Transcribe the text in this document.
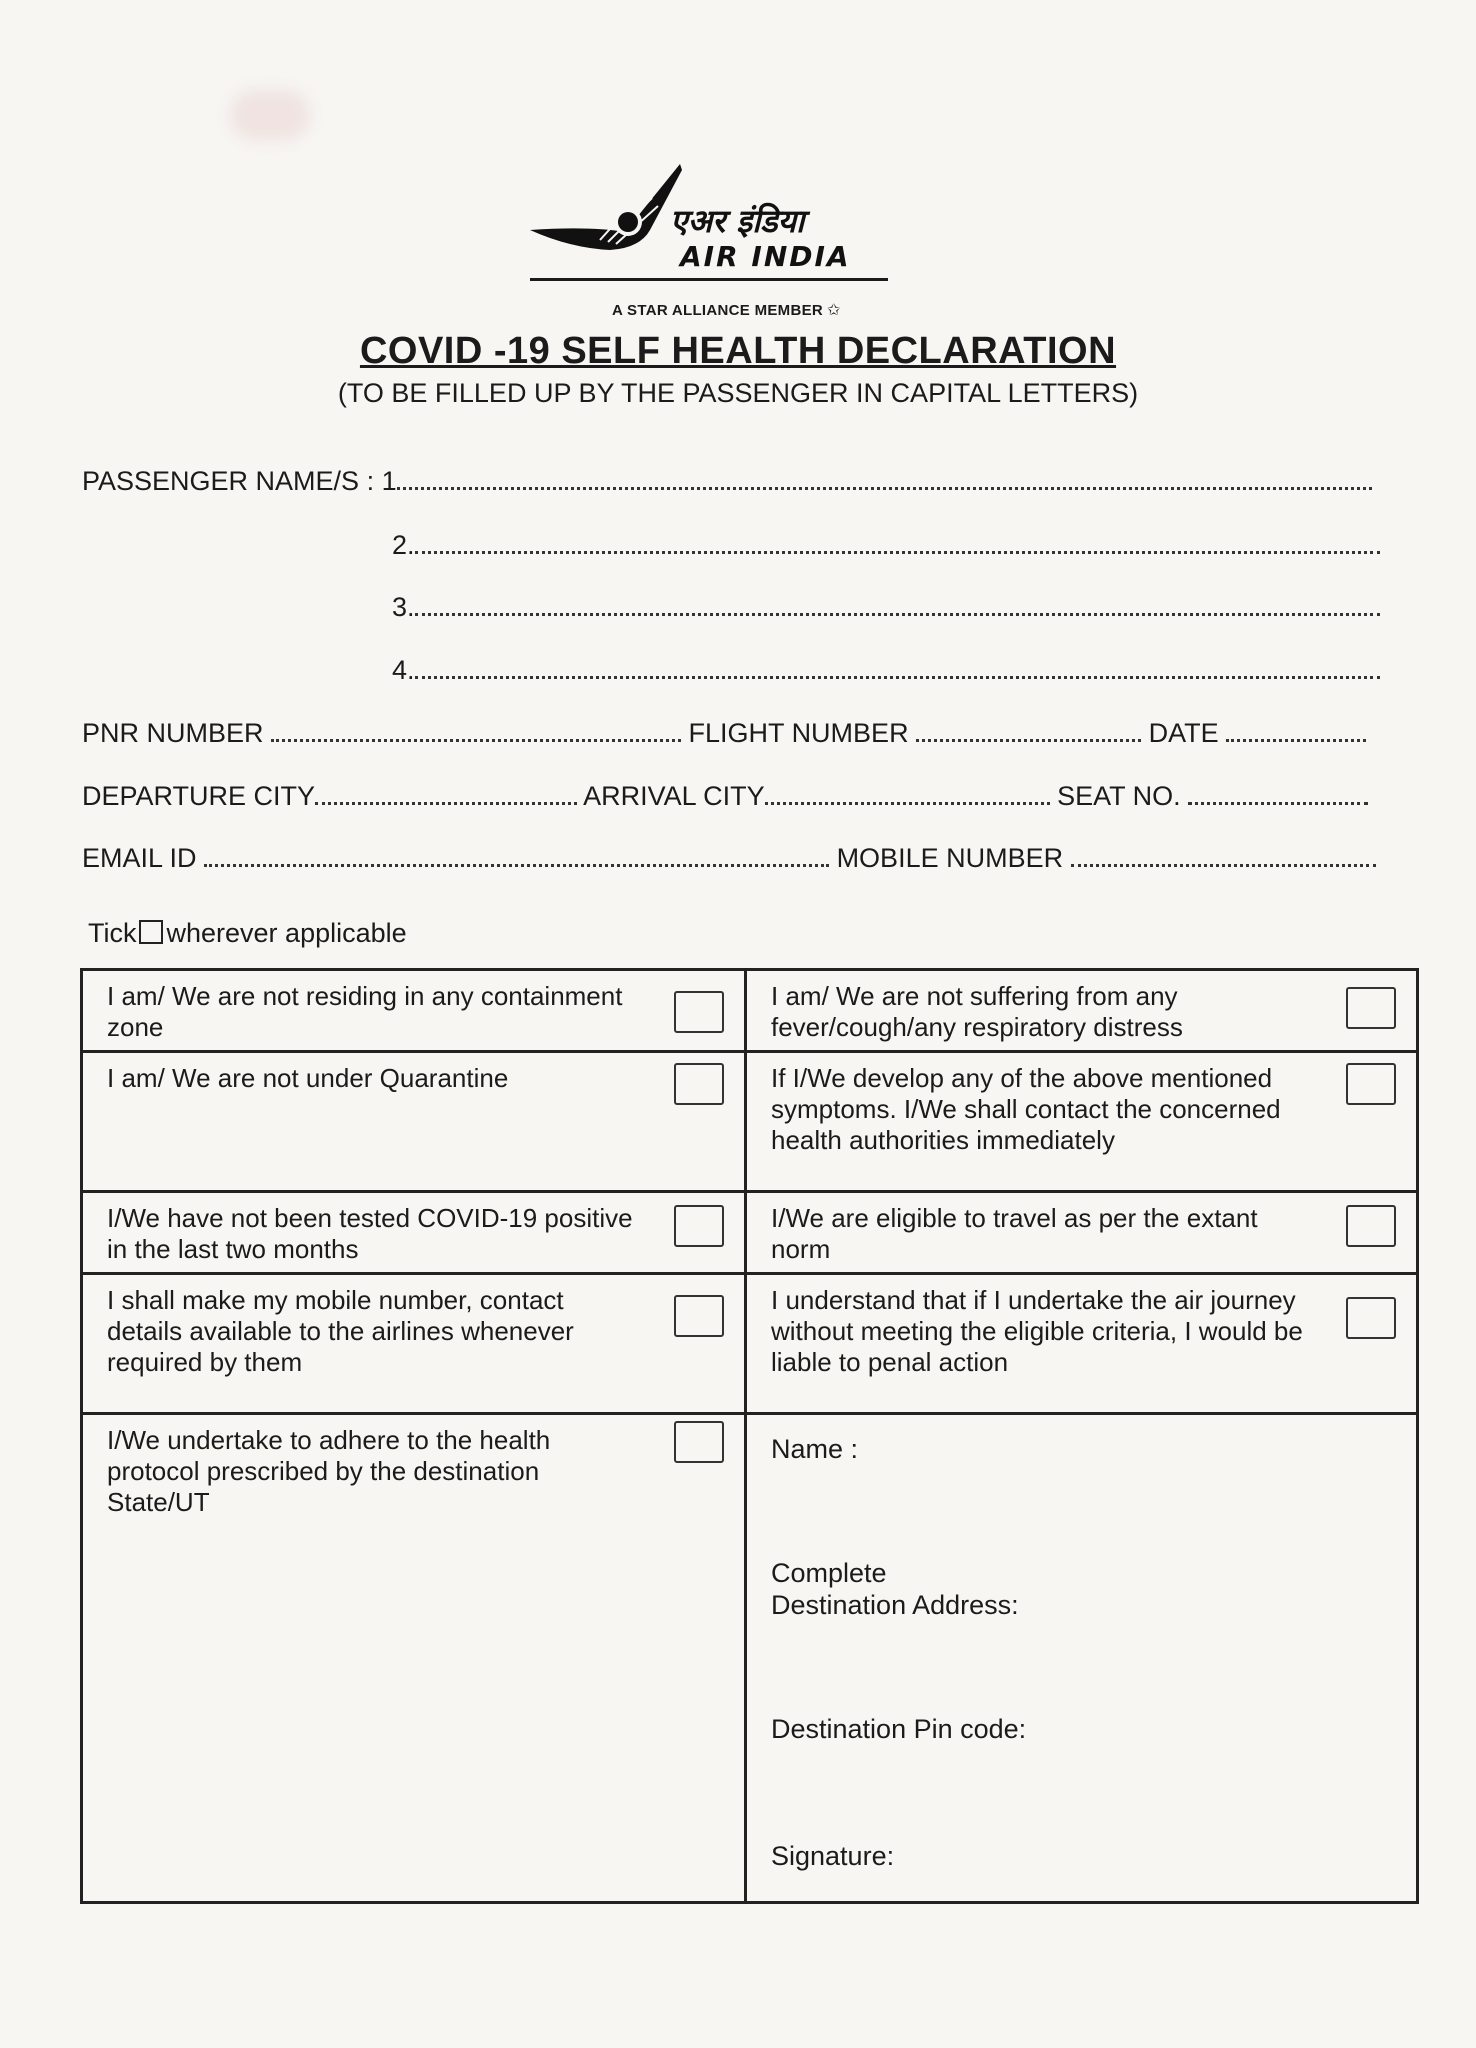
एअर इंडिया
AIR INDIA
A STAR ALLIANCE MEMBER ✩
COVID -19 SELF HEALTH DECLARATION
(TO BE FILLED UP BY THE PASSENGER IN CAPITAL LETTERS)
PASSENGER NAME/S : 1
2.
3.
4.
PNR NUMBER	FLIGHT NUMBER	DATE
DEPARTURE CITY	ARRIVAL CITY	SEAT NO.
EMAIL ID	MOBILE NUMBER
Tick wherever applicable
I am/ We are not residing in any containment zone	I am/ We are not suffering from any fever/cough/any respiratory distress

I am/ We are not under Quarantine	If I/We develop any of the above mentioned symptoms. I/We shall contact the concerned health authorities immediately

I/We have not been tested COVID-19 positive in the last two months	I/We are eligible to travel as per the extant norm

I shall make my mobile number, contact details available to the airlines whenever required by them	I understand that if I undertake the air journey without meeting the eligible criteria, I would be liable to penal action

I/We undertake to adhere to the health protocol prescribed by the destination State/UT	Name :
Complete
Destination Address:
Destination Pin code:
Signature:
